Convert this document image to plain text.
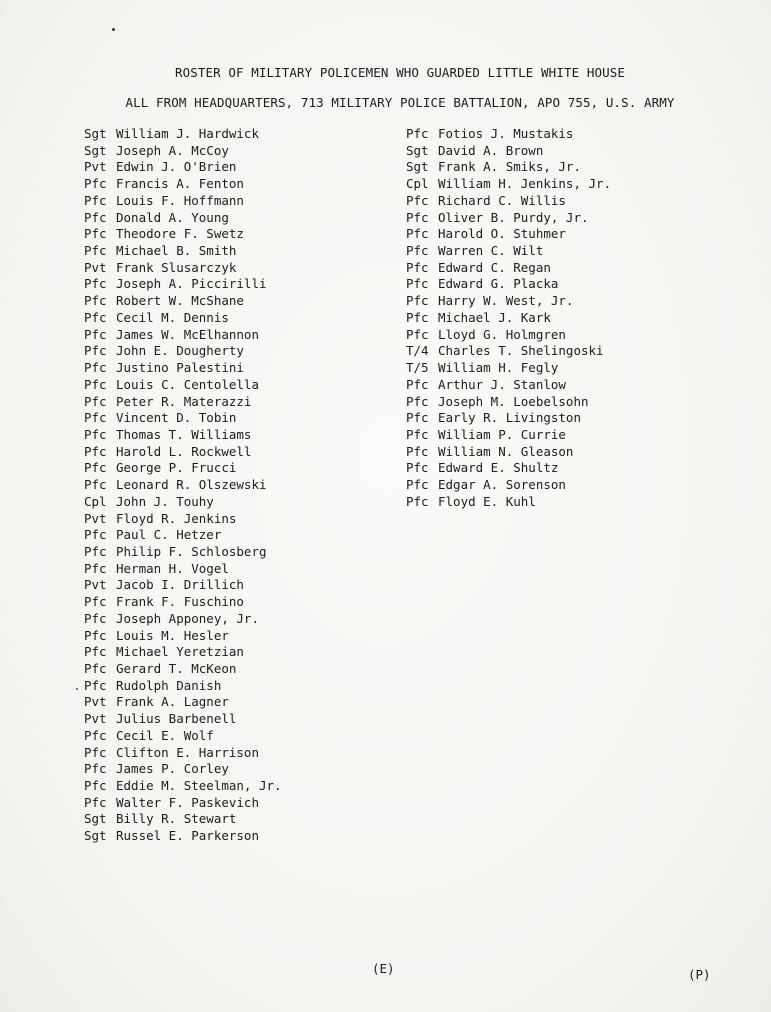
ROSTER OF MILITARY POLICEMEN WHO GUARDED LITTLE WHITE HOUSE
ALL FROM HEADQUARTERS, 713 MILITARY POLICE BATTALION, APO 755, U.S. ARMY
Sgt William J. Hardwick
Sgt Joseph A. McCoy
Pvt Edwin J. O'Brien
Pfc Francis A. Fenton
Pfc Louis F. Hoffmann
Pfc Donald A. Young
Pfc Theodore F. Swetz
Pfc Michael B. Smith
Pvt Frank Slusarczyk
Pfc Joseph A. Piccirilli
Pfc Robert W. McShane
Pfc Cecil M. Dennis
Pfc James W. McElhannon
Pfc John E. Dougherty
Pfc Justino Palestini
Pfc Louis C. Centolella
Pfc Peter R. Materazzi
Pfc Vincent D. Tobin
Pfc Thomas T. Williams
Pfc Harold L. Rockwell
Pfc George P. Frucci
Pfc Leonard R. Olszewski
Cpl John J. Touhy
Pvt Floyd R. Jenkins
Pfc Paul C. Hetzer
Pfc Philip F. Schlosberg
Pfc Herman H. Vogel
Pvt Jacob I. Drillich
Pfc Frank F. Fuschino
Pfc Joseph Apponey, Jr.
Pfc Louis M. Hesler
Pfc Michael Yeretzian
Pfc Gerard T. McKeon
Pfc Rudolph Danish
Pvt Frank A. Lagner
Pvt Julius Barbenell
Pfc Cecil E. Wolf
Pfc Clifton E. Harrison
Pfc James P. Corley
Pfc Eddie M. Steelman, Jr.
Pfc Walter F. Paskevich
Sgt Billy R. Stewart
Sgt Russel E. Parkerson
Pfc Fotios J. Mustakis
Sgt David A. Brown
Sgt Frank A. Smiks, Jr.
Cpl William H. Jenkins, Jr.
Pfc Richard C. Willis
Pfc Oliver B. Purdy, Jr.
Pfc Harold O. Stuhmer
Pfc Warren C. Wilt
Pfc Edward C. Regan
Pfc Edward G. Placka
Pfc Harry W. West, Jr.
Pfc Michael J. Kark
Pfc Lloyd G. Holmgren
T/4 Charles T. Shelingoski
T/5 William H. Fegly
Pfc Arthur J. Stanlow
Pfc Joseph M. Loebelsohn
Pfc Early R. Livingston
Pfc William P. Currie
Pfc William N. Gleason
Pfc Edward E. Shultz
Pfc Edgar A. Sorenson
Pfc Floyd E. Kuhl
(E)	(P)
